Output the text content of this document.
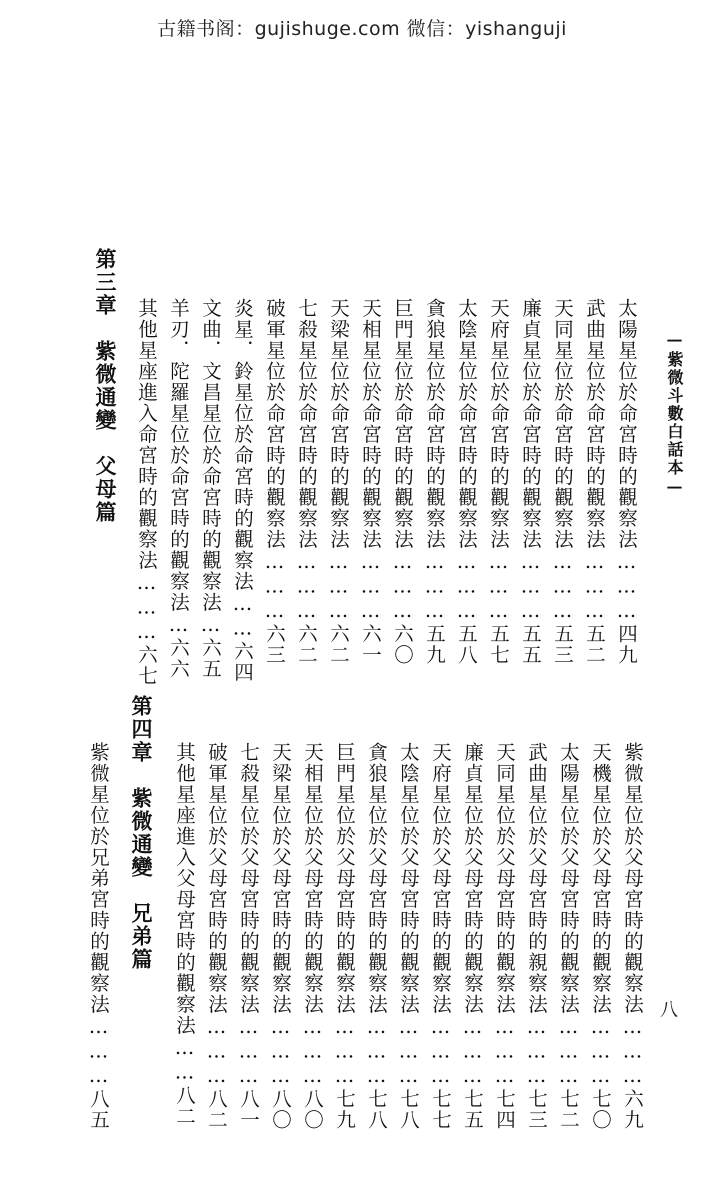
古籍书阁：gujishuge.com 微信：yishanguji
—紫微斗數白話本—
太陽星位於命宮時的觀察法………四九
武曲星位於命宮時的觀察法………五二
天同星位於命宮時的觀察法………五三
廉貞星位於命宮時的觀察法………五五
天府星位於命宮時的觀察法………五七
太陰星位於命宮時的觀察法………五八
貪狼星位於命宮時的觀察法………五九
巨門星位於命宮時的觀察法………六〇
天相星位於命宮時的觀察法………六一
天梁星位於命宮時的觀察法………六二
七殺星位於命宮時的觀察法………六二
破軍星位於命宮時的觀察法………六三
炎星．鈴星位於命宮時的觀察法……六四
文曲．文昌星位於命宮時的觀察法…六五
羊刃．陀羅星位於命宮時的觀察法…六六
其他星座進入命宮時的觀察法………六七
第三章　紫微通變　父母篇
八
紫微星位於父母宮時的觀察法………六九
天機星位於父母宮時的觀察法………七〇
太陽星位於父母宮時的觀察法………七二
武曲星位於父母宮時的親察法………七三
天同星位於父母宮時的觀察法………七四
廉貞星位於父母宮時的觀察法………七五
天府星位於父母宮時的觀察法………七七
太陰星位於父母宮時的觀察法………七八
貪狼星位於父母宮時的觀察法………七八
巨門星位於父母宮時的觀察法………七九
天相星位於父母宮時的觀察法………八〇
天梁星位於父母宮時的觀察法………八〇
七殺星位於父母宮時的觀察法………八一
破軍星位於父母宮時的觀察法………八二
其他星座進入父母宮時的觀察法……八二
第四章　紫微通變　兄弟篇
紫微星位於兄弟宮時的觀察法………八五
